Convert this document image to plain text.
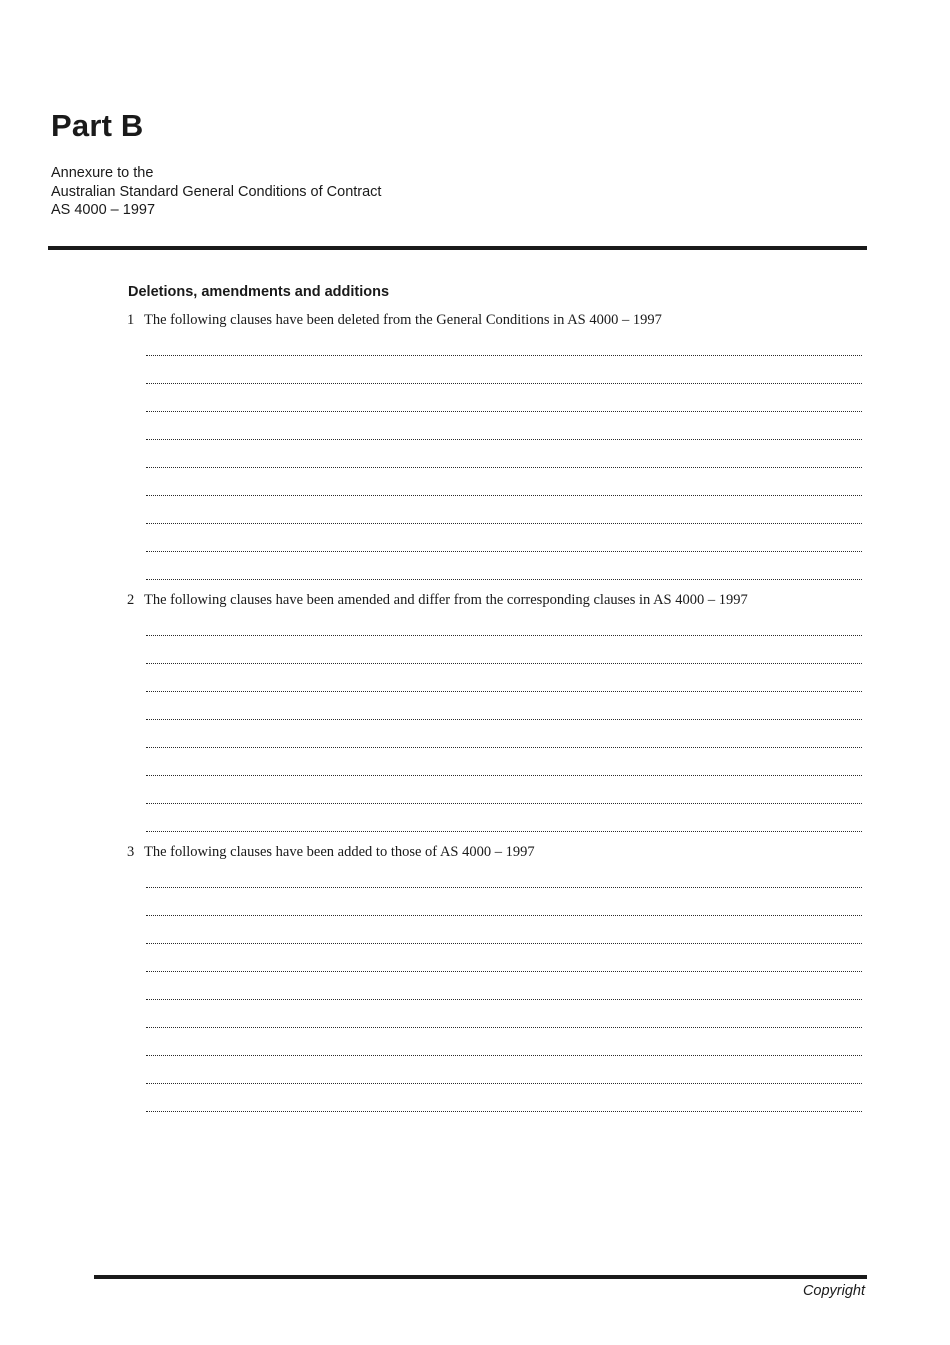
Part B
Annexure to the
Australian Standard General Conditions of Contract
AS 4000 – 1997
Deletions, amendments and additions
1 The following clauses have been deleted from the General Conditions in AS 4000 – 1997
2 The following clauses have been amended and differ from the corresponding clauses in AS 4000 – 1997
3 The following clauses have been added to those of AS 4000 – 1997
Copyright
